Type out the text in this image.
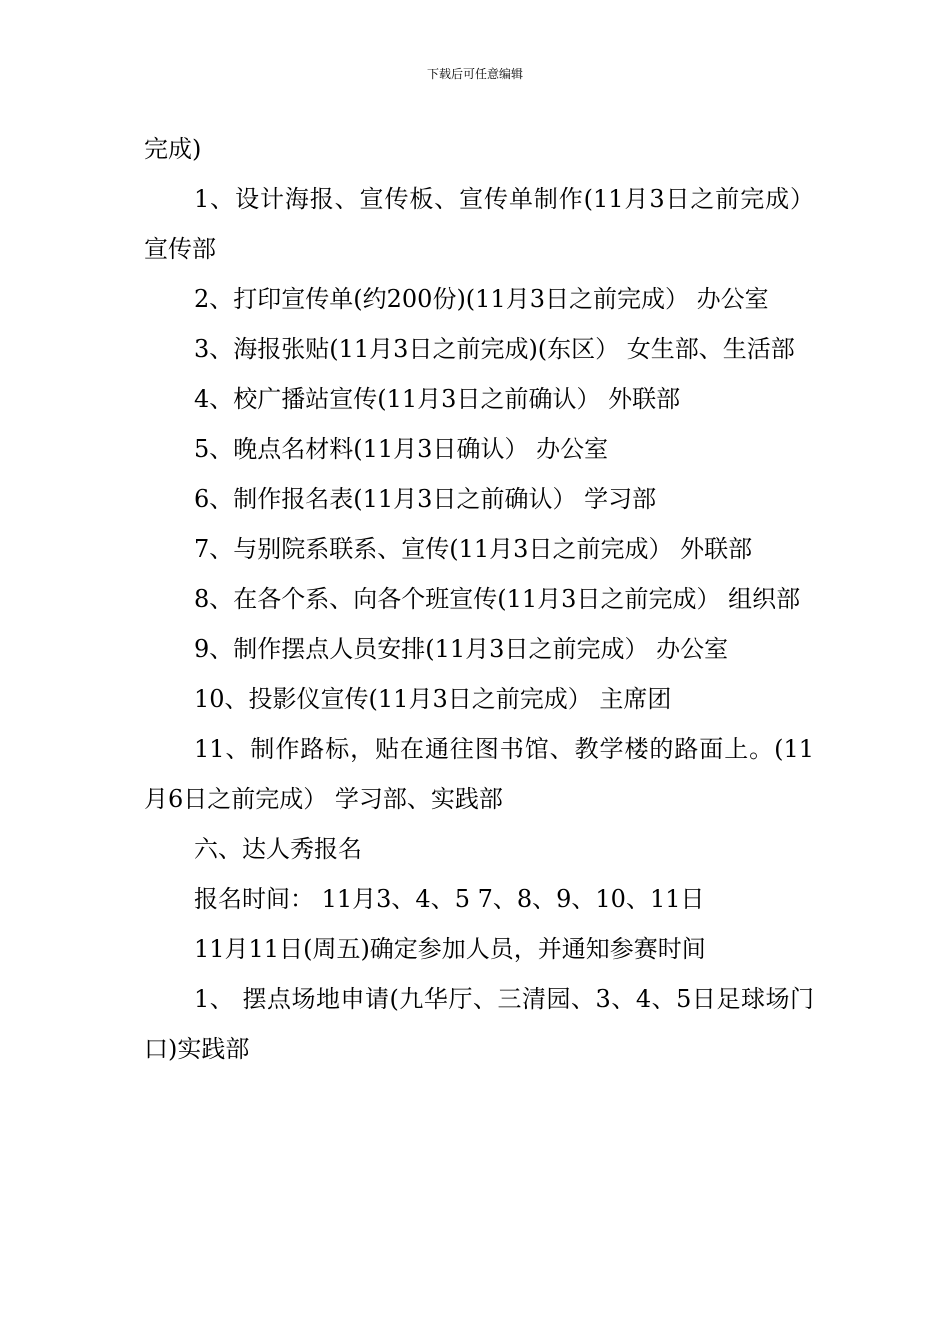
下载后可任意编辑

完成)

1、设计海报、宣传板、宣传单制作(11月3日之前完成）宣传部

2、打印宣传单(约200份)(11月3日之前完成） 办公室

3、海报张贴(11月3日之前完成)(东区） 女生部、生活部

4、校广播站宣传(11月3日之前确认） 外联部

5、晚点名材料(11月3日确认） 办公室

6、制作报名表(11月3日之前确认） 学习部

7、与别院系联系、宣传(11月3日之前完成） 外联部

8、在各个系、向各个班宣传(11月3日之前完成） 组织部

9、制作摆点人员安排(11月3日之前完成） 办公室

10、投影仪宣传(11月3日之前完成） 主席团

11、制作路标，贴在通往图书馆、教学楼的路面上。(11月6日之前完成） 学习部、实践部

六、达人秀报名

报名时间： 11月3、4、5 7、8、9、10、11日

11月11日(周五)确定参加人员，并通知参赛时间

1、 摆点场地申请(九华厅、三清园、3、4、5日足球场门口)实践部
